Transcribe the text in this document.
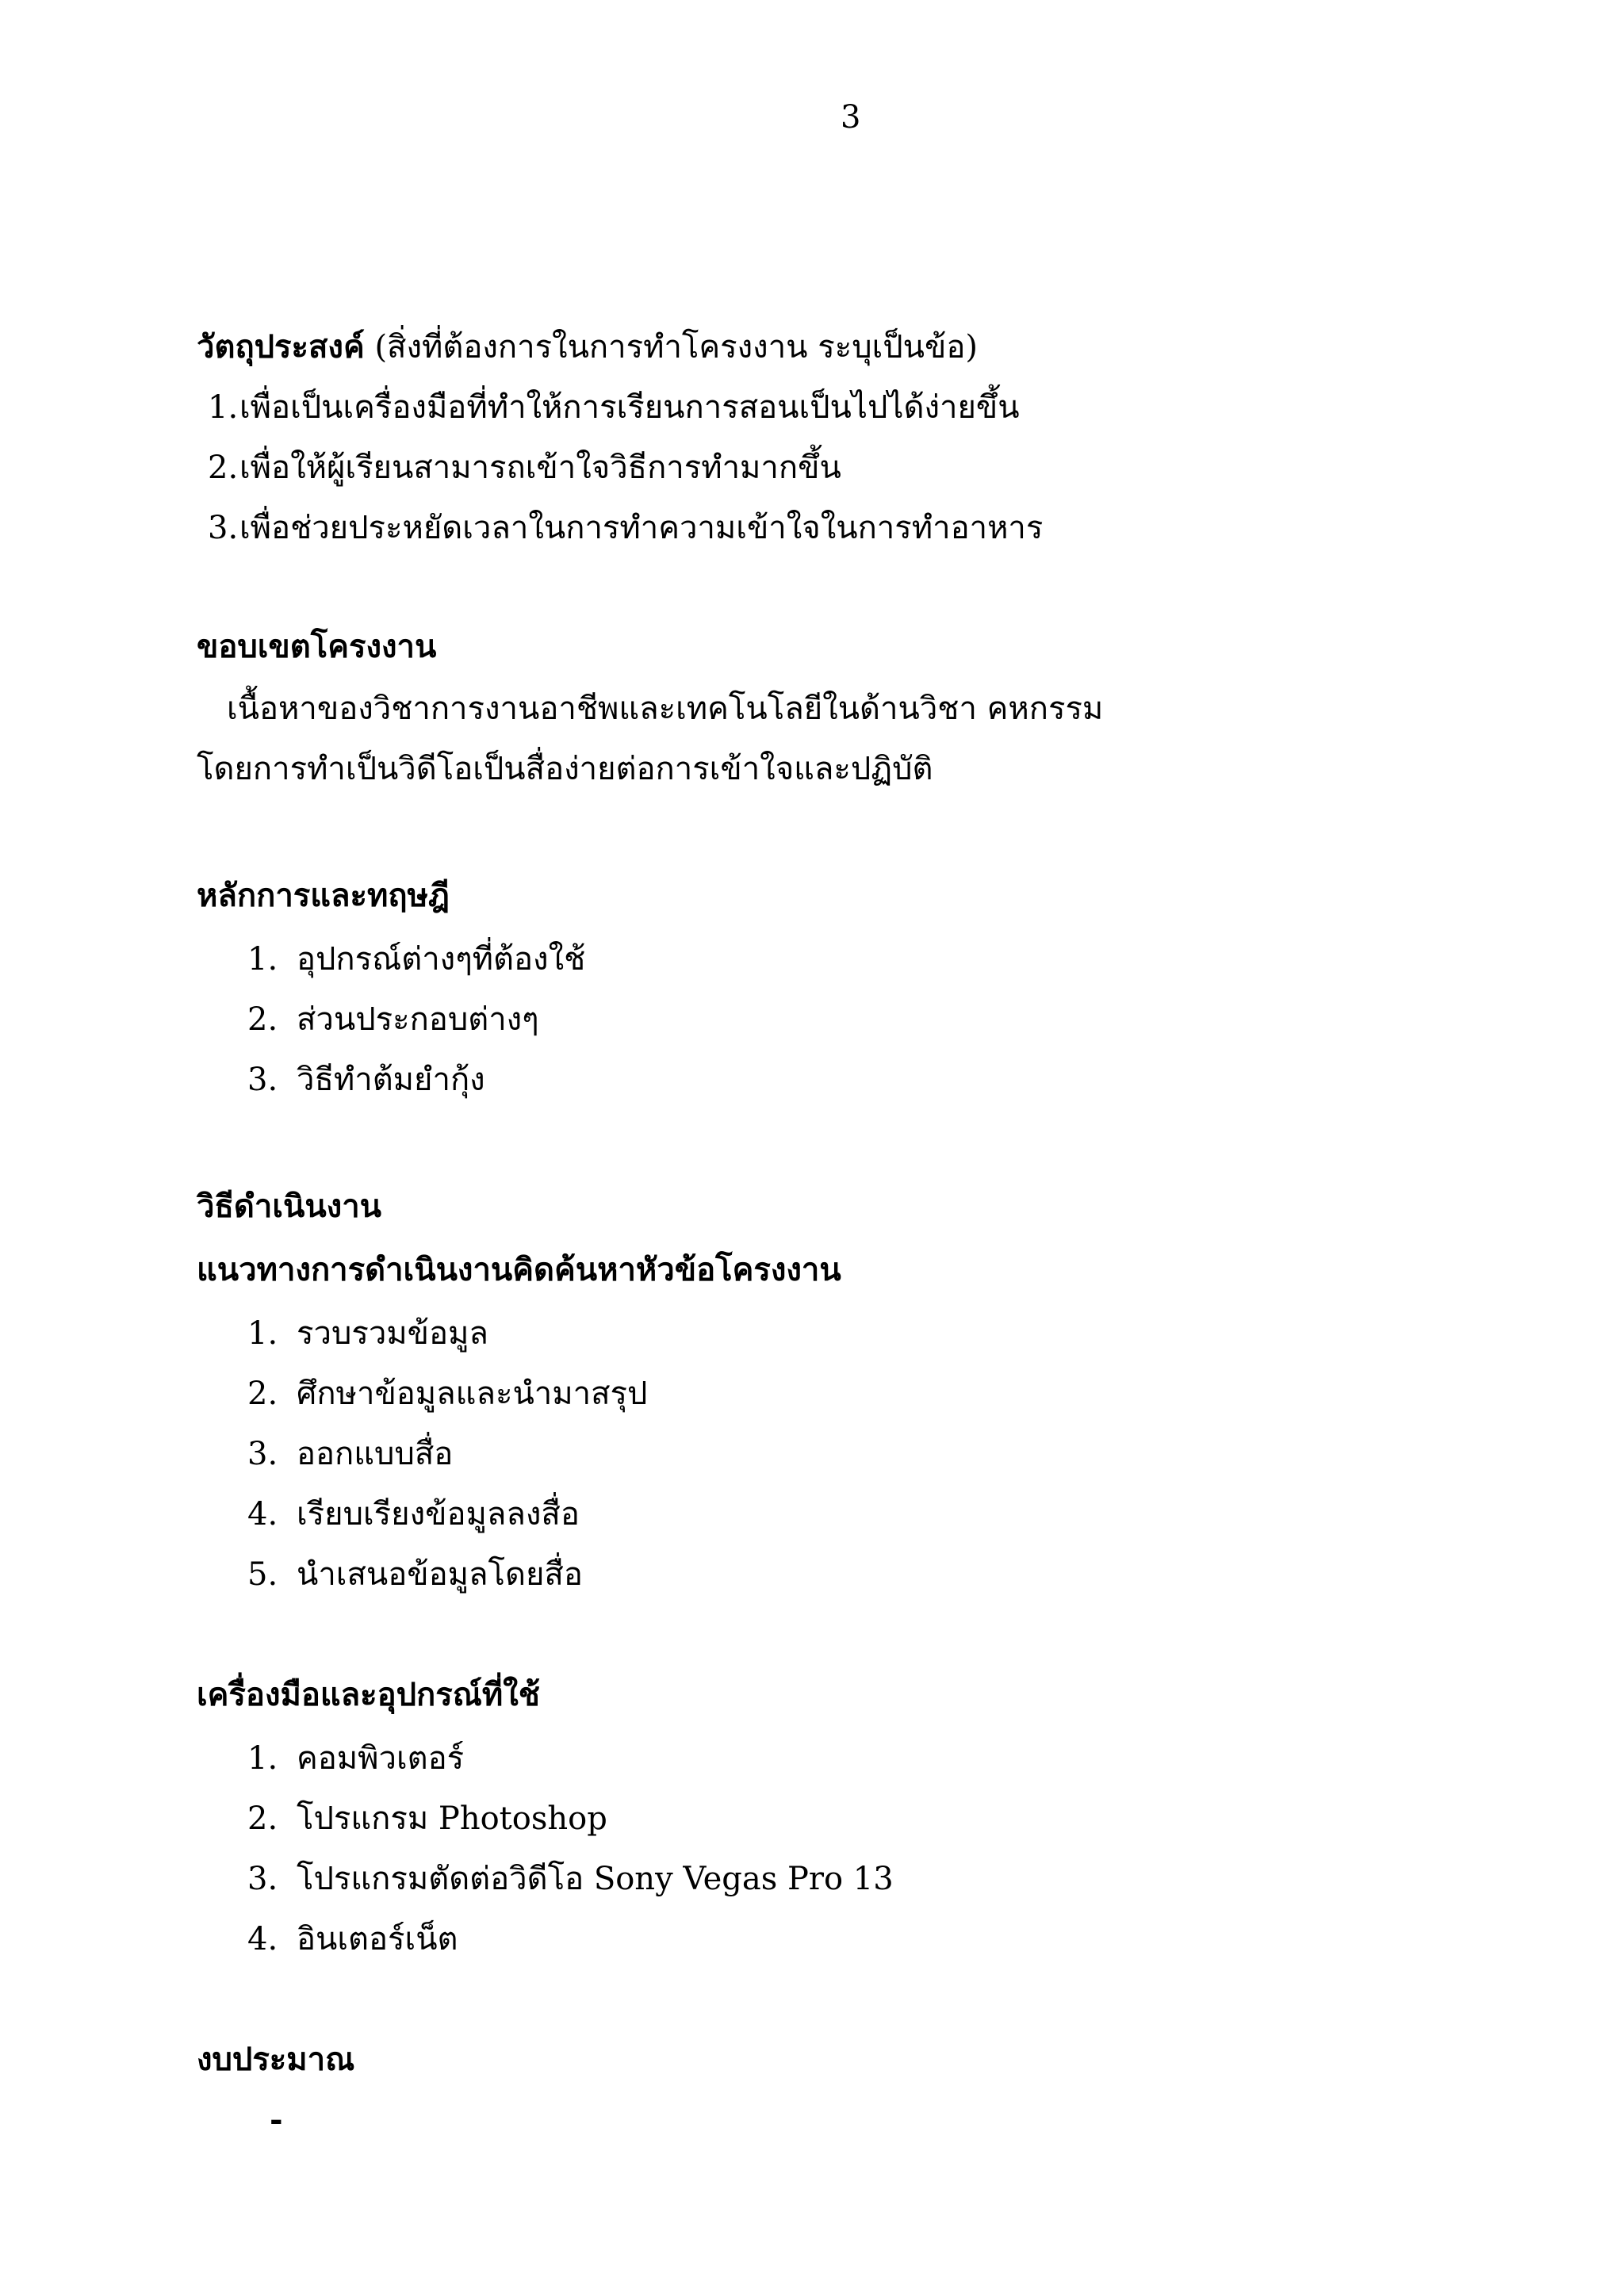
3
วัตถุประสงค์ (สิ่งที่ต้องการในการทำโครงงาน ระบุเป็นข้อ)
1.เพื่อเป็นเครื่องมือที่ทำให้การเรียนการสอนเป็นไปได้ง่ายขึ้น
2.เพื่อให้ผู้เรียนสามารถเข้าใจวิธีการทำมากขึ้น
3.เพื่อช่วยประหยัดเวลาในการทำความเข้าใจในการทำอาหาร
ขอบเขตโครงงาน
เนื้อหาของวิชาการงานอาชีพและเทคโนโลยีในด้านวิชา คหกรรม
โดยการทำเป็นวิดีโอเป็นสื่อง่ายต่อการเข้าใจและปฏิบัติ
หลักการและทฤษฎี
1. อุปกรณ์ต่างๆที่ต้องใช้
2. ส่วนประกอบต่างๆ
3. วิธีทำต้มยำกุ้ง
วิธีดำเนินงาน
แนวทางการดำเนินงานคิดค้นหาหัวข้อโครงงาน
1. รวบรวมข้อมูล
2. ศึกษาข้อมูลและนำมาสรุป
3. ออกแบบสื่อ
4. เรียบเรียงข้อมูลลงสื่อ
5. นำเสนอข้อมูลโดยสื่อ
เครื่องมือและอุปกรณ์ที่ใช้
1. คอมพิวเตอร์
2. โปรแกรม Photoshop
3. โปรแกรมตัดต่อวิดีโอ Sony Vegas Pro 13
4. อินเตอร์เน็ต
งบประมาณ
-
